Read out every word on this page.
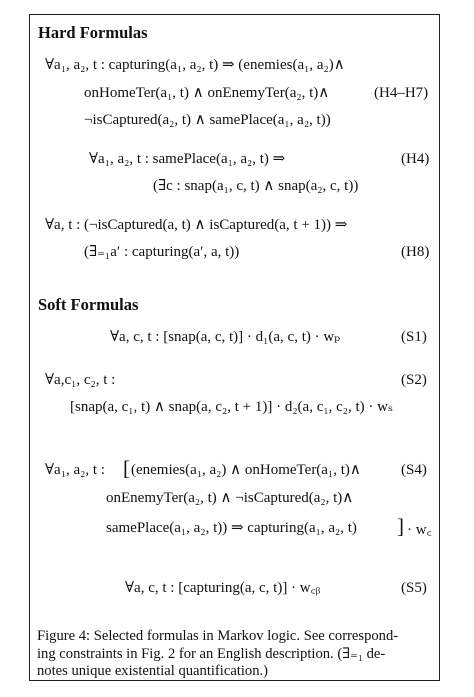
Hard Formulas
∀a₁, a₂, t : capturing(a₁, a₂, t) ⇒ (enemies(a₁, a₂)∧
onHomeTer(a₁, t) ∧ onEnemyTer(a₂, t)∧	(H4–H7)
¬isCaptured(a₂, t) ∧ samePlace(a₁, a₂, t))
∀a₁, a₂, t : samePlace(a₁, a₂, t) ⇒	(H4)
(∃c : snap(a₁, c, t) ∧ snap(a₂, c, t))
∀a, t : (¬isCaptured(a, t) ∧ isCaptured(a, t + 1)) ⇒
(∃₌₁a′ : capturing(a′, a, t))	(H8)
Soft Formulas
∀a, c, t : [snap(a, c, t)] · d₁(a, c, t) · wₚ	(S1)
∀a,c₁, c₂, t :	(S2)
[snap(a, c₁, t) ∧ snap(a, c₂, t + 1)] · d₂(a, c₁, c₂, t) · wₛ
∀a₁, a₂, t : [ (enemies(a₁, a₂) ∧ onHomeTer(a₁, t)∧	(S4)
onEnemyTer(a₂, t) ∧ ¬isCaptured(a₂, t)∧
samePlace(a₁, a₂, t)) ⇒ capturing(a₁, a₂, t) ] · w꜀
∀a, c, t : [capturing(a, c, t)] · w꜀ᵦ	(S5)
Figure 4: Selected formulas in Markov logic. See correspond-
ing constraints in Fig. 2 for an English description. (∃₌₁ de-
notes unique existential quantification.)
